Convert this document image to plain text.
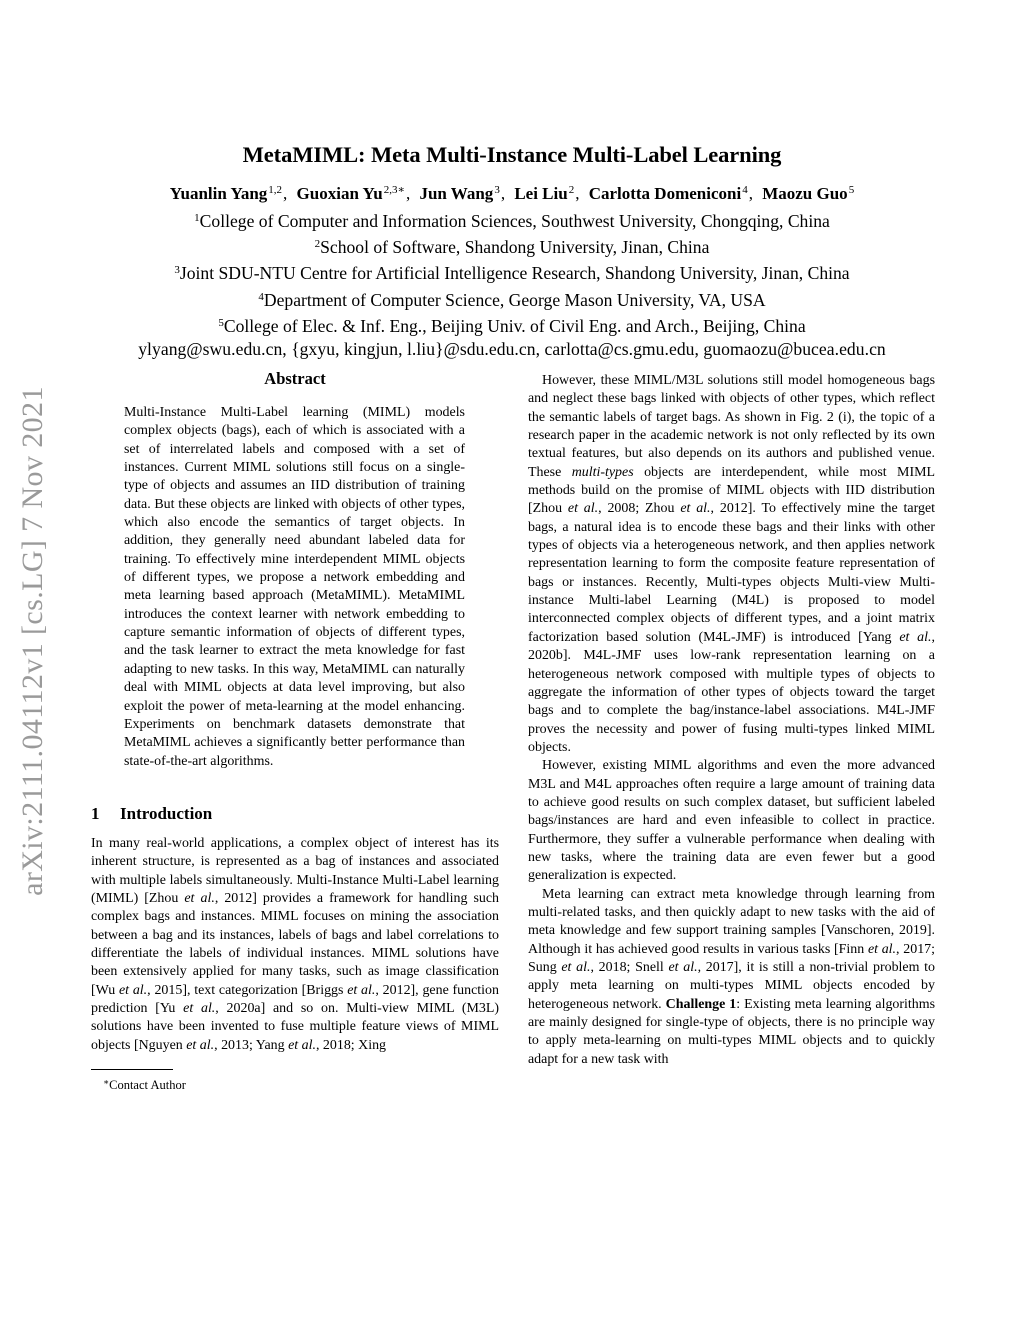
MetaMIML: Meta Multi-Instance Multi-Label Learning
Yuanlin Yang$^{1,2}$, Guoxian $Yu^{2,3∗}$, Jun Wang$^3$, Lei Liu$^2$, Carlotta Domeniconi$^4$, Maozu Guo$^5$
$^1$College of Computer and Information Sciences, Southwest University, Chongqing, China
$^2$School of Software, Shandong University, Jinan, China
$^3$Joint SDU-NTU Centre for Artificial Intelligence Research, Shandong University, Jinan, China
$^4$Department of Computer Science, George Mason University, VA, USA
$^5$College of Elec. & Inf. Eng., Beijing Univ. of Civil Eng. and Arch., Beijing, China
ylyang@swu.edu.cn, {gxyu, kingjun, l.liu}@sdu.edu.cn, carlotta@cs.gmu.edu, guomaozu@bucea.edu.cn
arXiv:2111.04112v1 [cs.LG] 7 Nov 2021
Abstract
Multi-Instance Multi-Label learning (MIML) models complex objects (bags), each of which is associated with a set of interrelated labels and composed with a set of instances. Current MIML solutions still focus on a single-type of objects and assumes an IID distribution of training data. But these objects are linked with objects of other types, which also encode the semantics of target objects. In addition, they generally need abundant labeled data for training. To effectively mine interdependent MIML objects of different types, we propose a network embedding and meta learning based approach (MetaMIML). MetaMIML introduces the context learner with network embedding to capture semantic information of objects of different types, and the task learner to extract the meta knowledge for fast adapting to new tasks. In this way, MetaMIML can naturally deal with MIML objects at data level improving, but also exploit the power of meta-learning at the model enhancing. Experiments on benchmark datasets demonstrate that MetaMIML achieves a significantly better performance than state-of-the-art algorithms.
1 Introduction

In many real-world applications, a complex object of interest has its inherent structure, is represented as a bag of instances and associated with multiple labels simultaneously. Multi-Instance Multi-Label learning (MIML) [Zhou et al., 2012] provides a framework for handling such complex bags and instances. MIML focuses on mining the association between a bag and its instances, labels of bags and label correlations to differentiate the labels of individual instances. MIML solutions have been extensively applied for many tasks, such as image classification [Wu et al., 2015], text categorization [Briggs et al., 2012], gene function prediction [Yu et al., 2020a] and so on. Multi-view MIML (M3L) solutions have been invented to fuse multiple feature views of MIML objects [Nguyen et al., 2013; Yang et al., 2018; Xing

∗Contact Author

However, these MIML/M3L solutions still model homogeneous bags and neglect these bags linked with objects of other types, which reflect the semantic labels of target bags. As shown in Fig. 2 (i), the topic of a research paper in the academic network is not only reflected by its own textual features, but also depends on its authors and published venue. These multi-types objects are interdependent, while most MIML methods build on the promise of MIML objects with IID distribution [Zhou et al., 2008; Zhou et al., 2012]. To effectively mine the target bags, a natural idea is to encode these bags and their links with other types of objects via a heterogeneous network, and then applies network representation learning to form the composite feature representation of bags or instances. Recently, Multi-types objects Multi-view Multi-instance Multi-label Learning (M4L) is proposed to model interconnected complex objects of different types, and a joint matrix factorization based solution (M4L-JMF) is introduced [Yang et al., 2020b]. M4L-JMF uses low-rank representation learning on a heterogeneous network composed with multiple types of objects to aggregate the information of other types of objects toward the target bags and to complete the bag/instance-label associations. M4L-JMF proves the necessity and power of fusing multi-types linked MIML objects.

However, existing MIML algorithms and even the more advanced M3L and M4L approaches often require a large amount of training data to achieve good results on such complex dataset, but sufficient labeled bags/instances are hard and even infeasible to collect in practice. Furthermore, they suffer a vulnerable performance when dealing with new tasks, where the training data are even fewer but a good generalization is expected.

Meta learning can extract meta knowledge through learning from multi-related tasks, and then quickly adapt to new tasks with the aid of meta knowledge and few support training samples [Vanschoren, 2019]. Although it has achieved good results in various tasks [Finn et al., 2017; Sung et al., 2018; Snell et al., 2017], it is still a non-trivial problem to apply meta learning on multi-types MIML objects encoded by heterogeneous network. Challenge 1: Existing meta learning algorithms are mainly designed for single-type of objects, there is no principle way to apply meta-learning on multi-types MIML objects and to quickly adapt for a new task with
